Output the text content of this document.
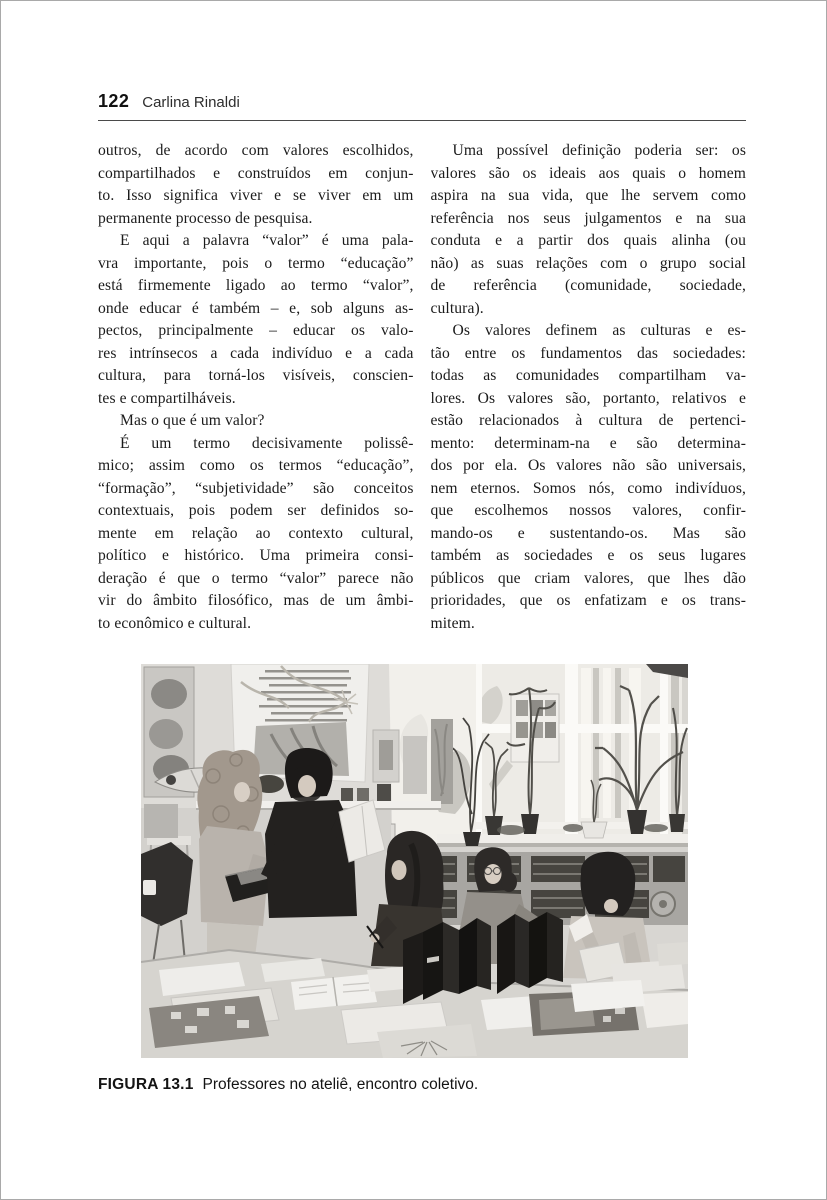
122 Carlina Rinaldi
outros, de acordo com valores escolhidos,
compartilhados e construídos em conjun-
to. Isso significa viver e se viver em um
permanente processo de pesquisa.
E aqui a palavra “valor” é uma pala-
vra importante, pois o termo “educação”
está firmemente ligado ao termo “valor”,
onde educar é também – e, sob alguns as-
pectos, principalmente – educar os valo-
res intrínsecos a cada indivíduo e a cada
cultura, para torná-los visíveis, conscien-
tes e compartilháveis.
Mas o que é um valor?
É um termo decisivamente polissê-
mico; assim como os termos “educação”,
“formação”, “subjetividade” são conceitos
contextuais, pois podem ser definidos so-
mente em relação ao contexto cultural,
político e histórico. Uma primeira consi-
deração é que o termo “valor” parece não
vir do âmbito filosófico, mas de um âmbi-
to econômico e cultural.
Uma possível definição poderia ser: os
valores são os ideais aos quais o homem
aspira na sua vida, que lhe servem como
referência nos seus julgamentos e na sua
conduta e a partir dos quais alinha (ou
não) as suas relações com o grupo social
de referência (comunidade, sociedade,
cultura).
Os valores definem as culturas e es-
tão entre os fundamentos das sociedades:
todas as comunidades compartilham va-
lores. Os valores são, portanto, relativos e
estão relacionados à cultura de pertenci-
mento: determinam-na e são determina-
dos por ela. Os valores não são universais,
nem eternos. Somos nós, como indivíduos,
que escolhemos nossos valores, confir-
mando-os e sustentando-os. Mas são
também as sociedades e os seus lugares
públicos que criam valores, que lhes dão
prioridades, que os enfatizam e os trans-
mitem.
FIGURA 13.1 Professores no ateliê, encontro coletivo.
